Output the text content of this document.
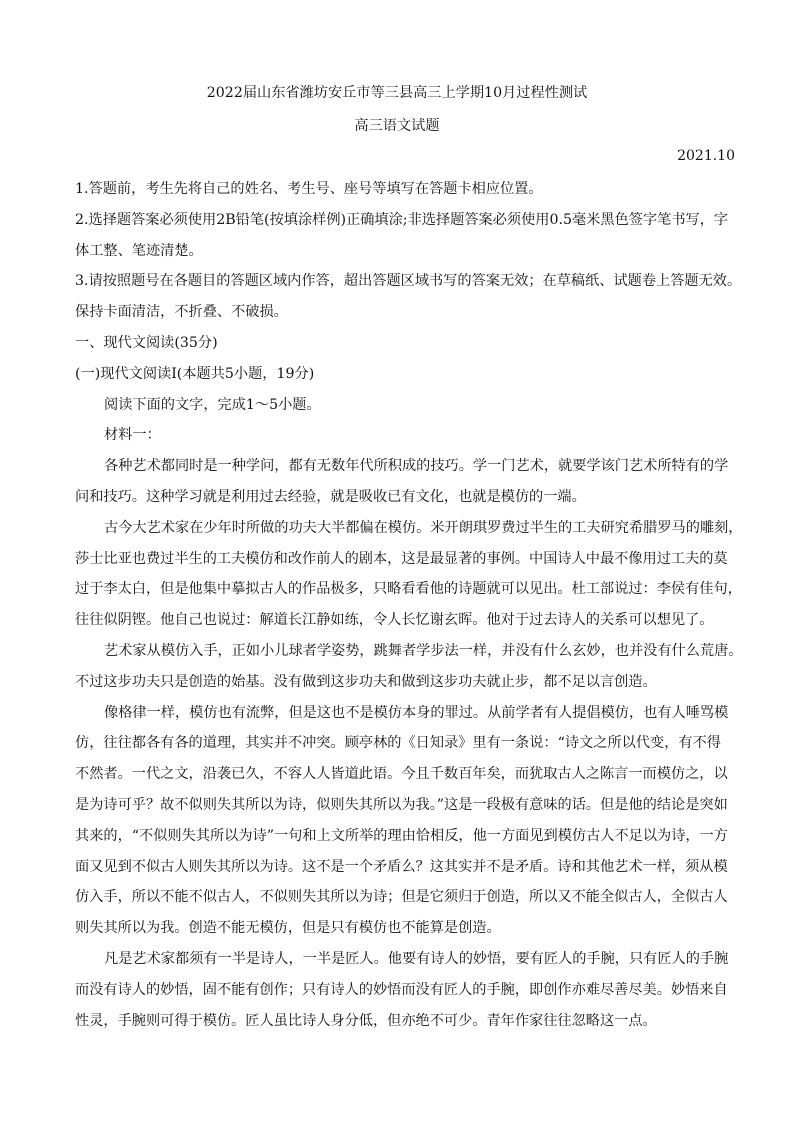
2022届山东省潍坊安丘市等三县高三上学期10月过程性测试
高三语文试题
2021.10
1.答题前，考生先将自己的姓名、考生号、座号等填写在答题卡相应位置。
2.选择题答案必须使用2B铅笔(按填涂样例)正确填涂;非选择题答案必须使用0.5毫米黑色签字笔书写，字
体工整、笔迹清楚。
3.请按照题号在各题目的答题区域内作答，超出答题区域书写的答案无效；在草稿纸、试题卷上答题无效。
保持卡面清洁，不折叠、不破损。
一、现代文阅读(35分)
(一)现代文阅读I(本题共5小题，19分)
阅读下面的文字，完成1～5小题。
材料一：
各种艺术都同时是一种学问，都有无数年代所积成的技巧。学一门艺术，就要学该门艺术所特有的学
问和技巧。这种学习就是利用过去经验，就是吸收已有文化，也就是模仿的一端。
古今大艺术家在少年时所做的功夫大半都偏在模仿。米开朗琪罗费过半生的工夫研究希腊罗马的雕刻，
莎士比亚也费过半生的工夫模仿和改作前人的剧本，这是最显著的事例。中国诗人中最不像用过工夫的莫
过于李太白，但是他集中摹拟古人的作品极多，只略看看他的诗题就可以见出。杜工部说过：李侯有佳句，
往往似阴铿。他自己也说过：解道长江静如练，令人长忆谢玄晖。他对于过去诗人的关系可以想见了。
艺术家从模仿入手，正如小儿球者学姿势，跳舞者学步法一样，并没有什么玄妙，也并没有什么荒唐。
不过这步功夫只是创造的始基。没有做到这步功夫和做到这步功夫就止步，都不足以言创造。
像格律一样，模仿也有流弊，但是这也不是模仿本身的罪过。从前学者有人提倡模仿，也有人唾骂模
仿，往往都各有各的道理，其实并不冲突。顾亭林的《日知录》里有一条说：“诗文之所以代变，有不得
不然者。一代之文，沿袭已久，不容人人皆道此语。今且千数百年矣，而犹取古人之陈言一而模仿之，以
是为诗可乎？故不似则失其所以为诗，似则失其所以为我。”这是一段极有意味的话。但是他的结论是突如
其来的，“不似则失其所以为诗”一句和上文所举的理由恰相反，他一方面见到模仿古人不足以为诗，一方
面又见到不似古人则失其所以为诗。这不是一个矛盾么？这其实并不是矛盾。诗和其他艺术一样，须从模
仿入手，所以不能不似古人，不似则失其所以为诗；但是它须归于创造，所以又不能全似古人，全似古人
则失其所以为我。创造不能无模仿，但是只有模仿也不能算是创造。
凡是艺术家都须有一半是诗人，一半是匠人。他要有诗人的妙悟，要有匠人的手腕，只有匠人的手腕
而没有诗人的妙悟，固不能有创作；只有诗人的妙悟而没有匠人的手腕，即创作亦难尽善尽美。妙悟来自
性灵，手腕则可得于模仿。匠人虽比诗人身分低，但亦绝不可少。青年作家往往忽略这一点。
